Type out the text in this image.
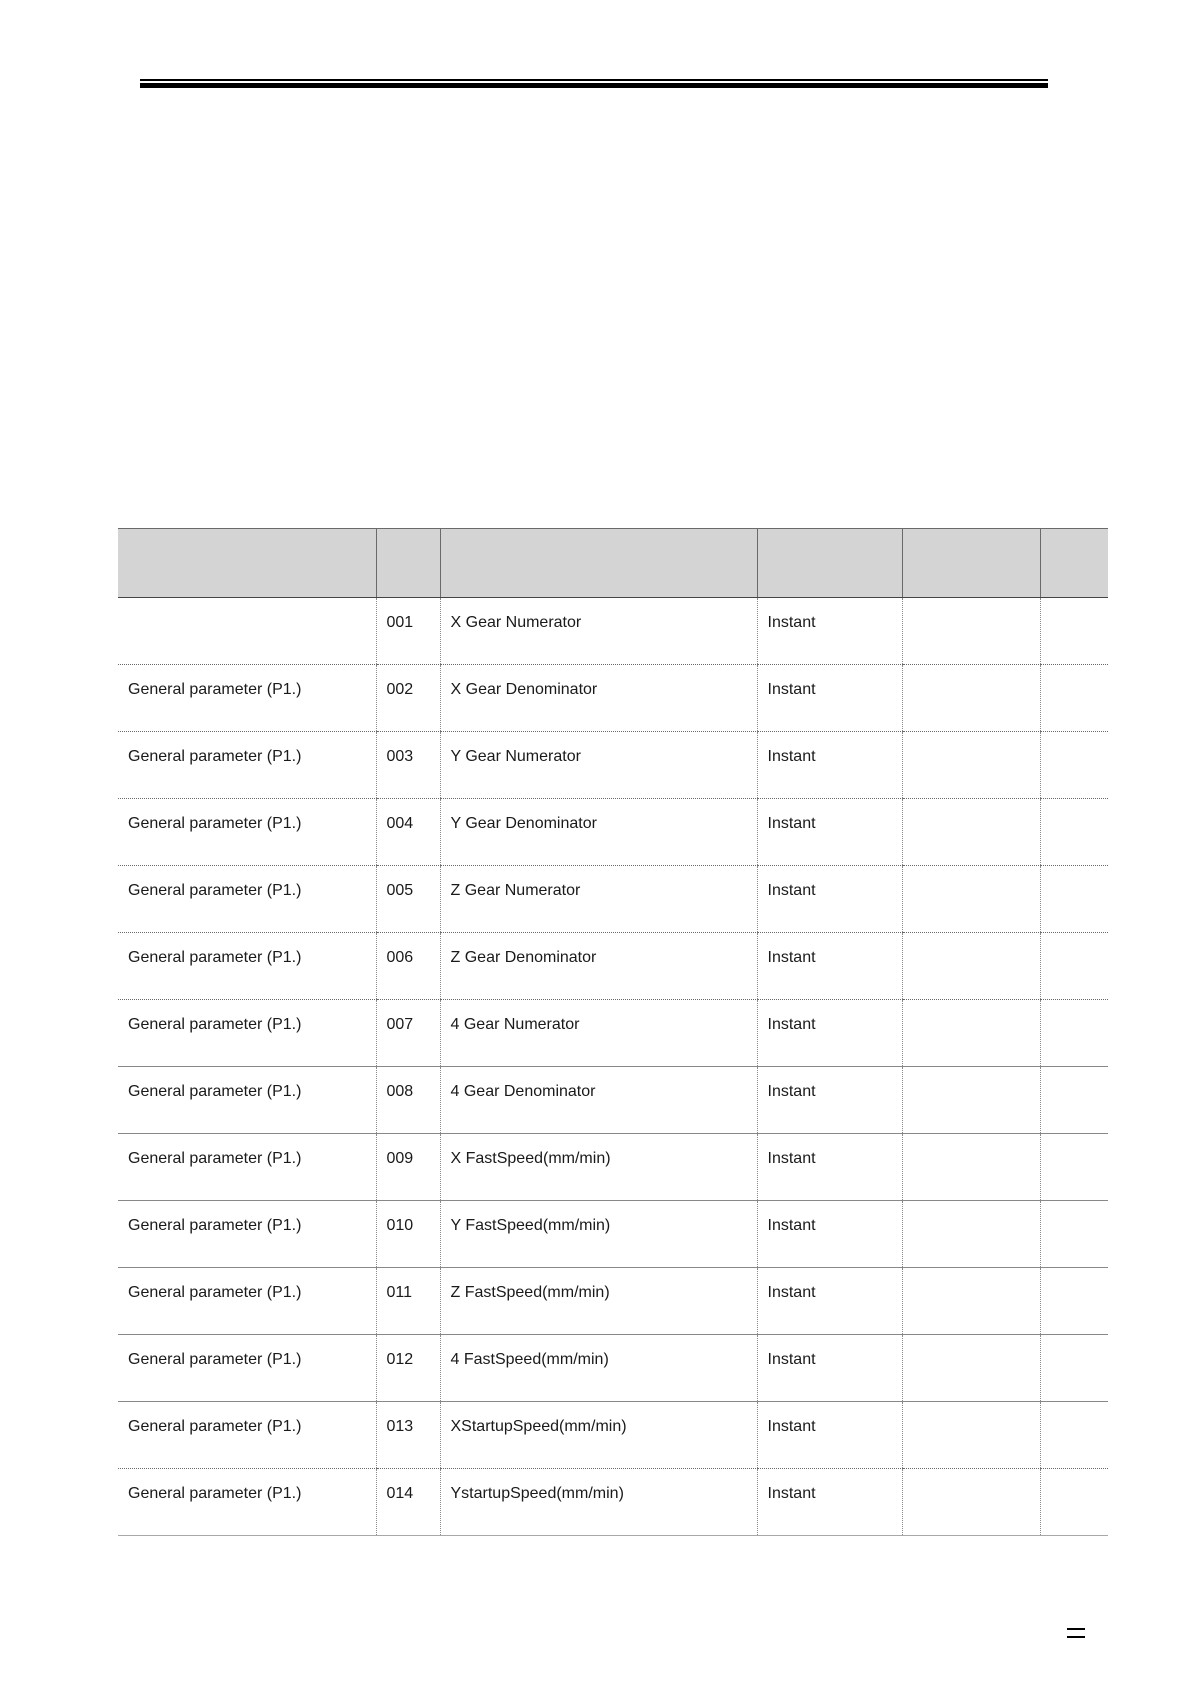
	001	X Gear Numerator	Instant		
General parameter (P1.)	002	X Gear Denominator	Instant		
General parameter (P1.)	003	Y Gear Numerator	Instant		
General parameter (P1.)	004	Y Gear Denominator	Instant		
General parameter (P1.)	005	Z Gear Numerator	Instant		
General parameter (P1.)	006	Z Gear Denominator	Instant		
General parameter (P1.)	007	4 Gear Numerator	Instant		
General parameter (P1.)	008	4 Gear Denominator	Instant		
General parameter (P1.)	009	X FastSpeed(mm/min)	Instant		
General parameter (P1.)	010	Y FastSpeed(mm/min)	Instant		
General parameter (P1.)	011	Z FastSpeed(mm/min)	Instant		
General parameter (P1.)	012	4 FastSpeed(mm/min)	Instant		
General parameter (P1.)	013	XStartupSpeed(mm/min)	Instant		
General parameter (P1.)	014	YstartupSpeed(mm/min)	Instant		
